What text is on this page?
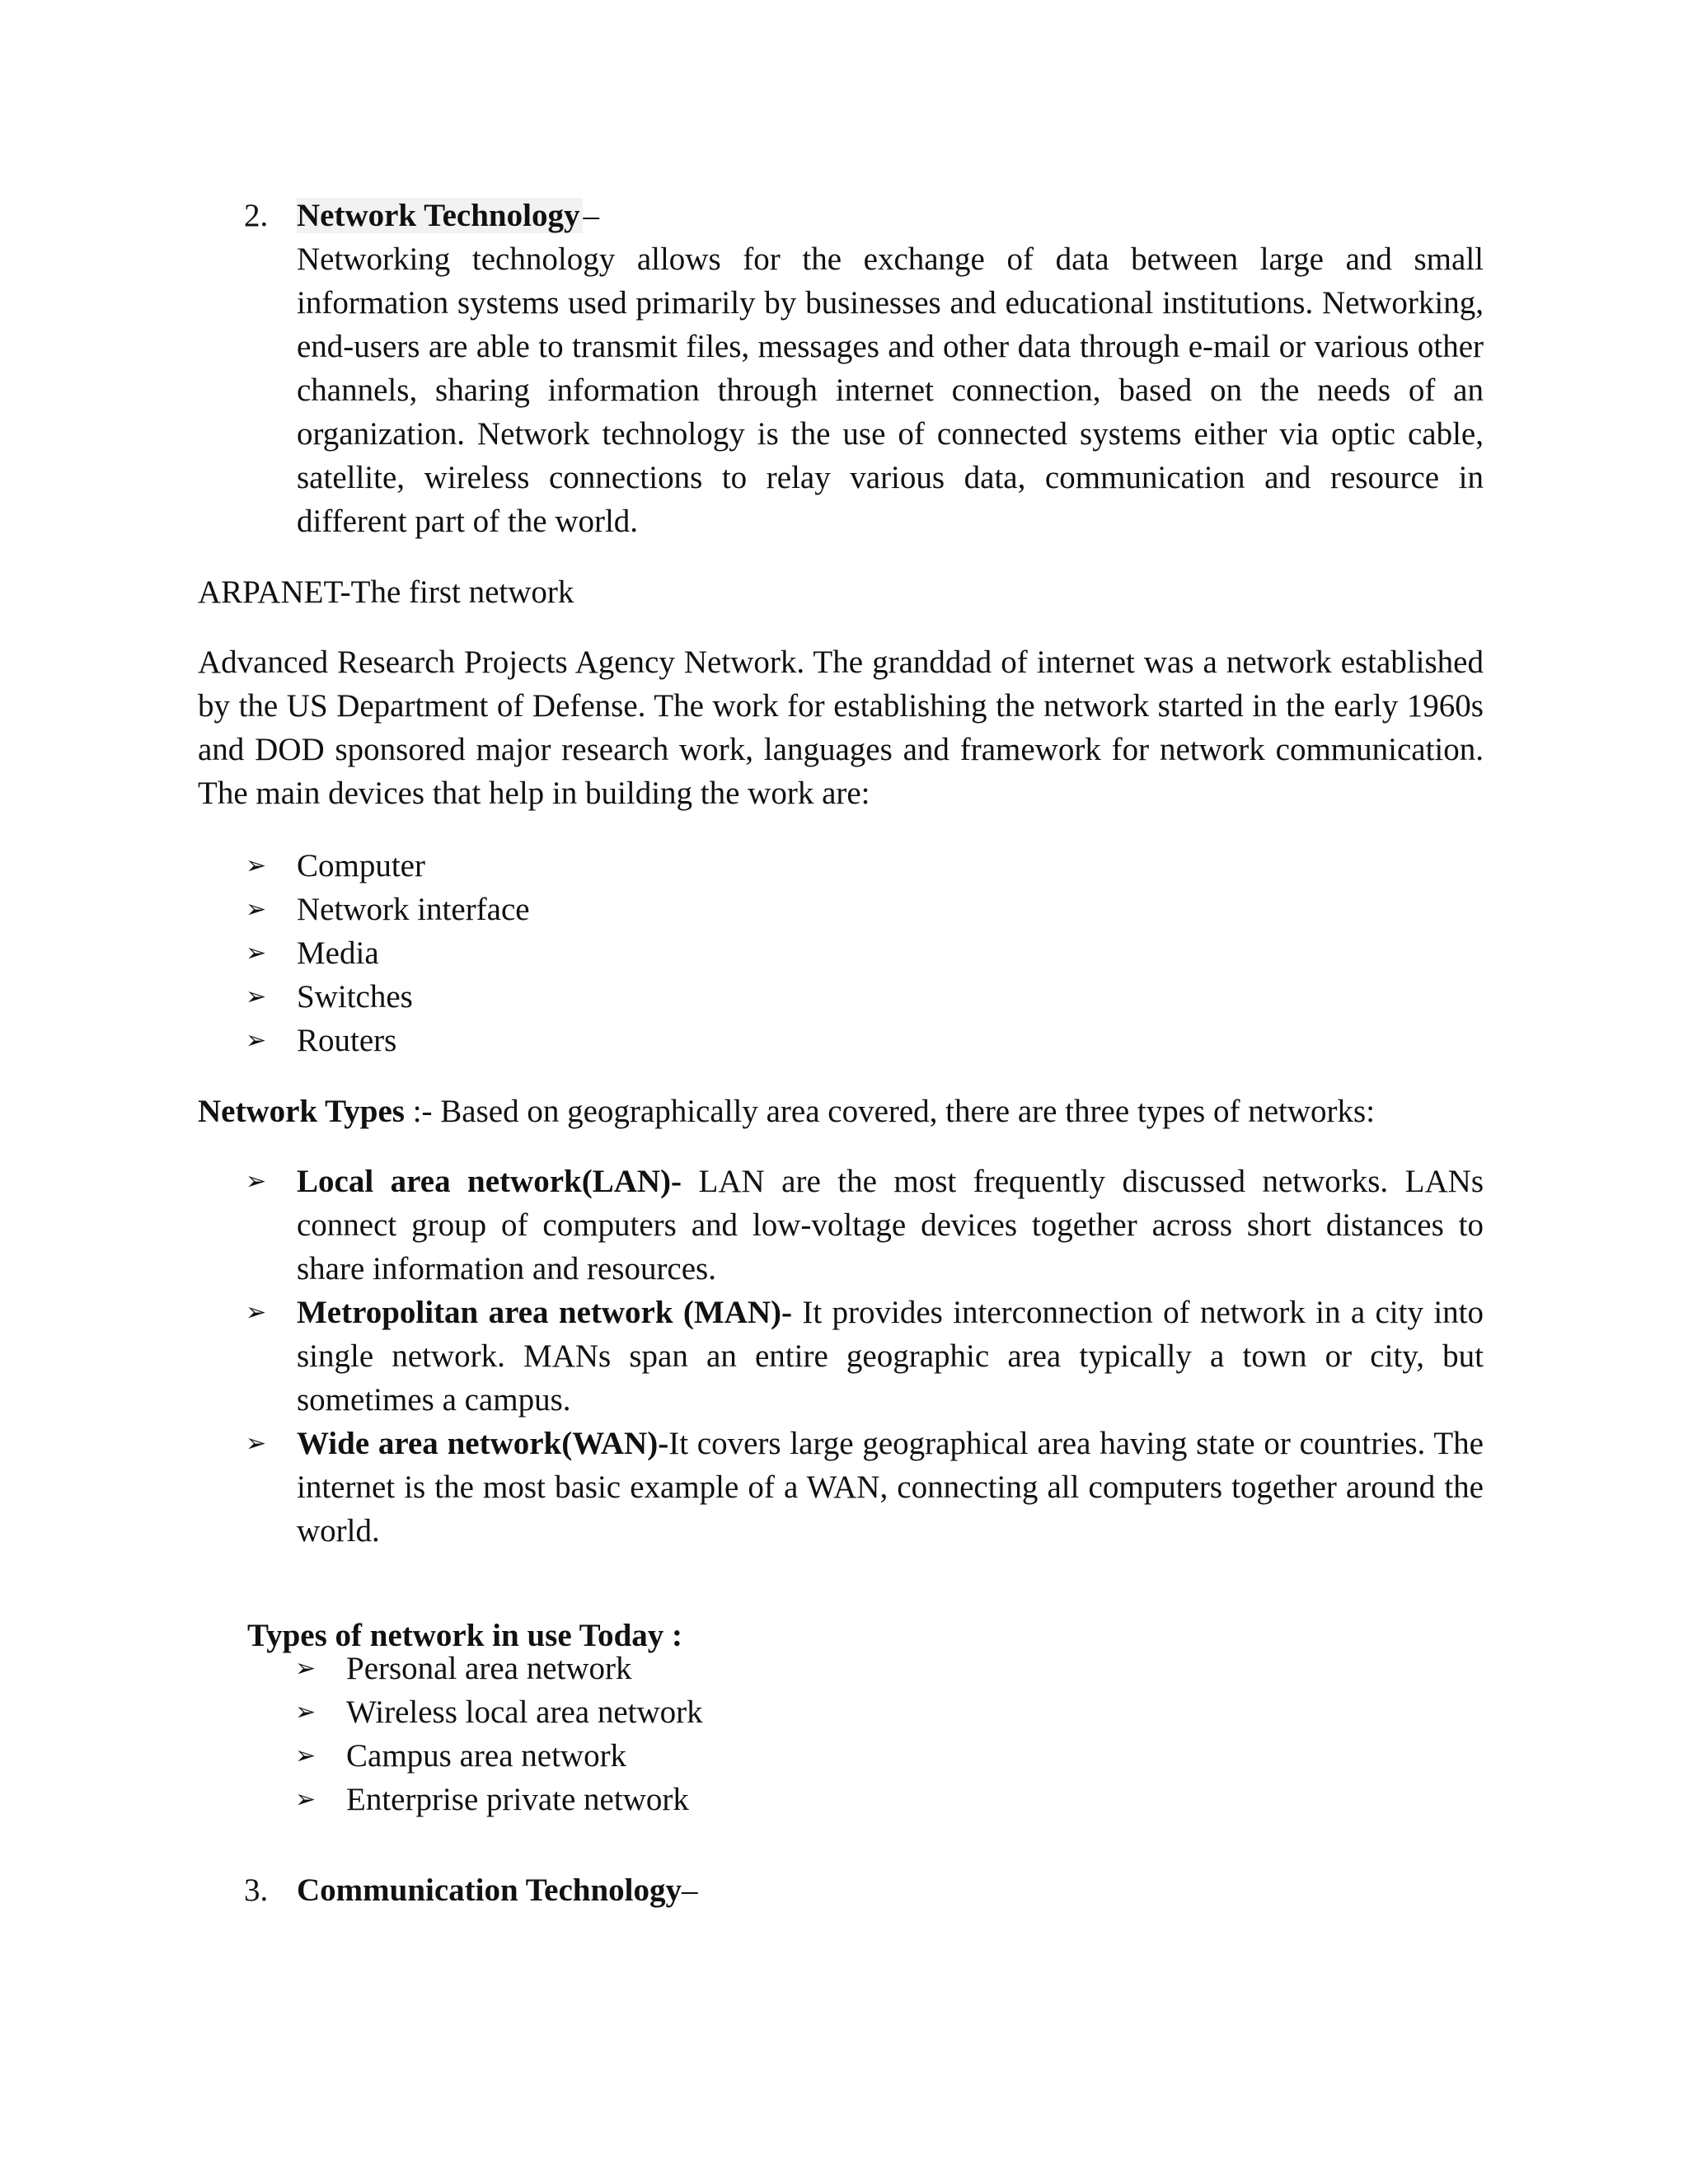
2. Network Technology –

Networking technology allows for the exchange of data between large and small information systems used primarily by businesses and educational institutions. Networking, end-users are able to transmit files, messages and other data through e-mail or various other channels, sharing information through internet connection, based on the needs of an organization. Network technology is the use of connected systems either via optic cable, satellite, wireless connections to relay various data, communication and resource in different part of the world.

ARPANET-The first network

Advanced Research Projects Agency Network. The granddad of internet was a network established by the US Department of Defense. The work for establishing the network started in the early 1960s and DOD sponsored major research work, languages and framework for network communication. The main devices that help in building the work are:

➢ Computer
➢ Network interface
➢ Media
➢ Switches
➢ Routers

Network Types :- Based on geographically area covered, there are three types of networks:

➢ Local area network(LAN)- LAN are the most frequently discussed networks. LANs connect group of computers and low-voltage devices together across short distances to share information and resources.
➢ Metropolitan area network (MAN)- It provides interconnection of network in a city into single network. MANs span an entire geographic area typically a town or city, but sometimes a campus.
➢ Wide area network(WAN)-It covers large geographical area having state or countries. The internet is the most basic example of a WAN, connecting all computers together around the world.

Types of network in use Today :

➢ Personal area network
➢ Wireless local area network
➢ Campus area network
➢ Enterprise private network
3. Communication Technology–
